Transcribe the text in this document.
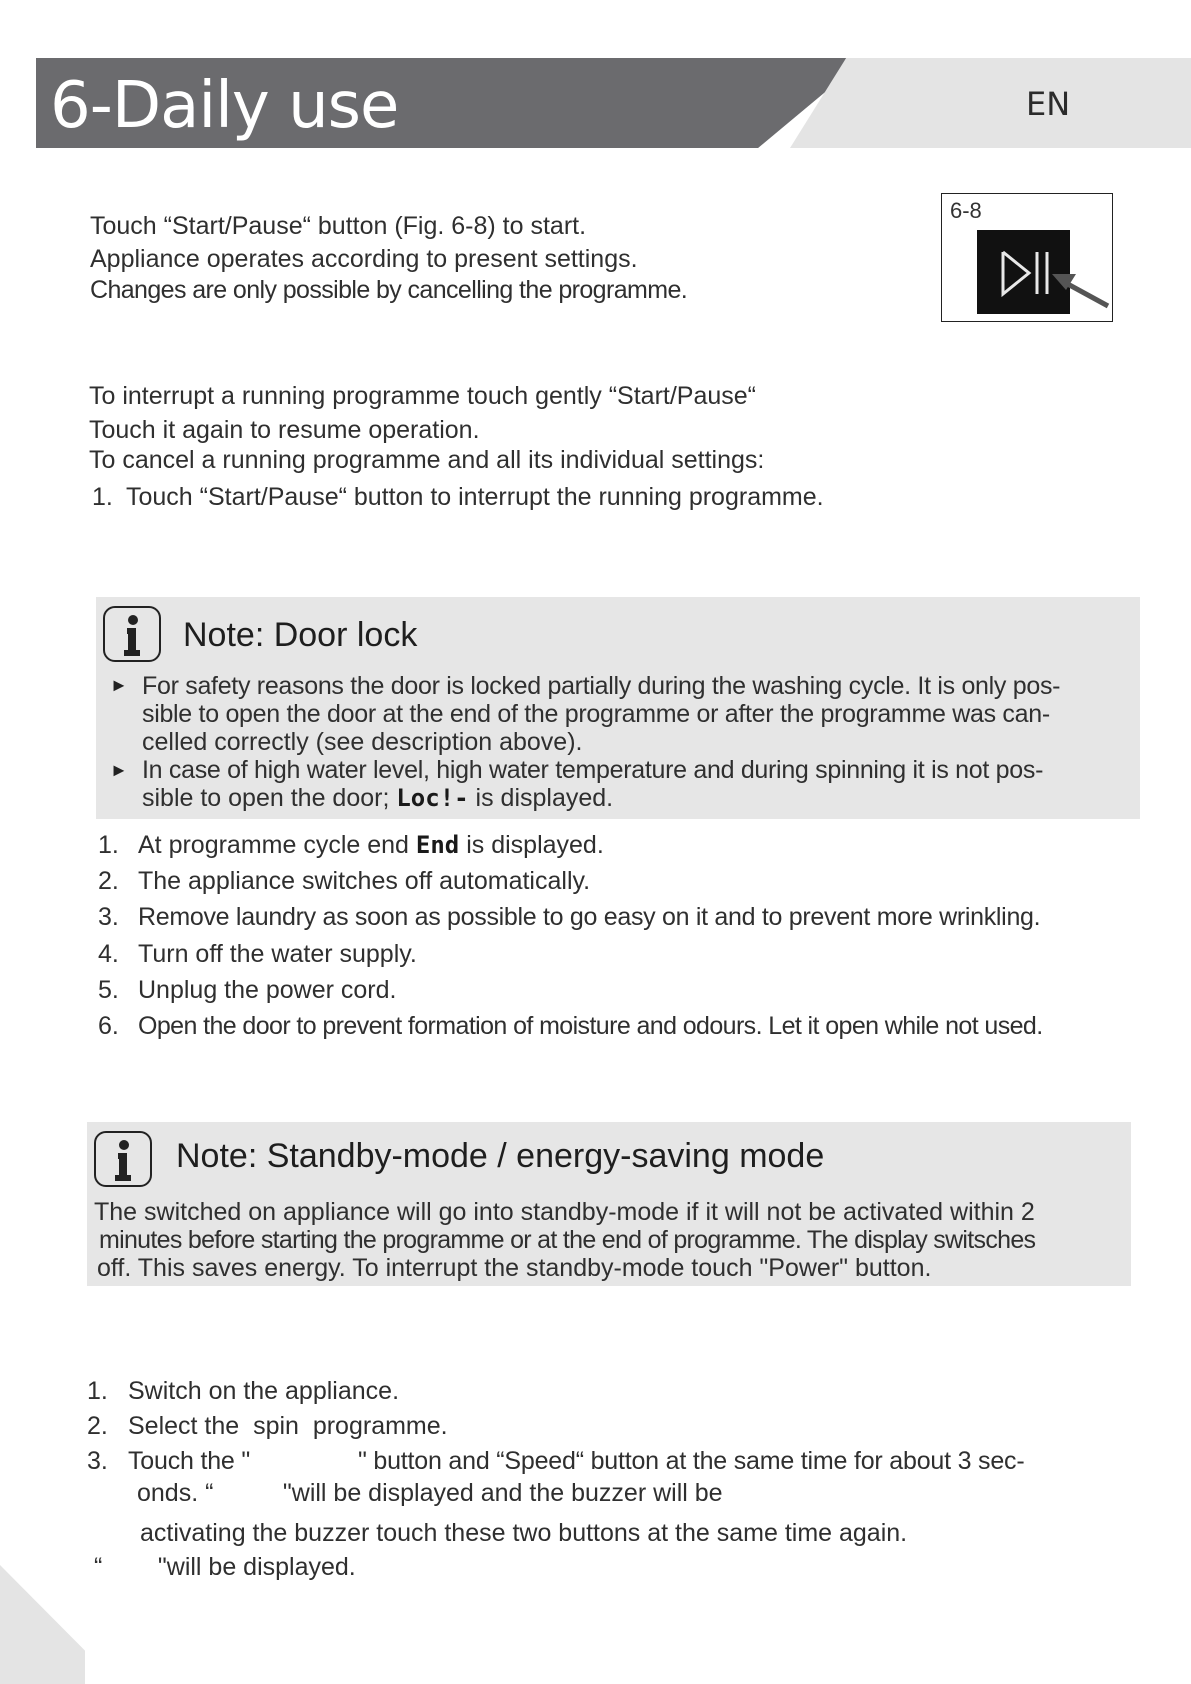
6-Daily use	EN

Touch “Start/Pause“ button (Fig. 6-8) to start.

Appliance operates according to present settings.

Changes are only possible by cancelling the programme.

6-8

To interrupt a running programme touch gently “Start/Pause“

Touch it again to resume operation.

To cancel a running programme and all its individual settings:

1. Touch “Start/Pause“ button to interrupt the running programme.
Note: Door lock
► For safety reasons the door is locked partially during the washing cycle. It is only pos-
sible to open the door at the end of the programme or after the programme was can-
celled correctly (see description above).
► In case of high water level, high water temperature and during spinning it is not pos-
sible to open the door; Loc!- is displayed.
1. At programme cycle end End is displayed.
2. The appliance switches off automatically.
3. Remove laundry as soon as possible to go easy on it and to prevent more wrinkling.
4. Turn off the water supply.
5. Unplug the power cord.
6. Open the door to prevent formation of moisture and odours. Let it open while not used.
Note: Standby-mode / energy-saving mode
The switched on appliance will go into standby-mode if it will not be activated within 2
minutes before starting the programme or at the end of programme. The display switsches
off. This saves energy. To interrupt the standby-mode touch "Power" button.
1. Switch on the appliance.
2. Select the  spin  programme.
3. Touch the "                " button and “Speed“ button at the same time for about 3 sec-
onds. “          "will be displayed and the buzzer will be
activating the buzzer touch these two buttons at the same time again.
“        "will be displayed.
